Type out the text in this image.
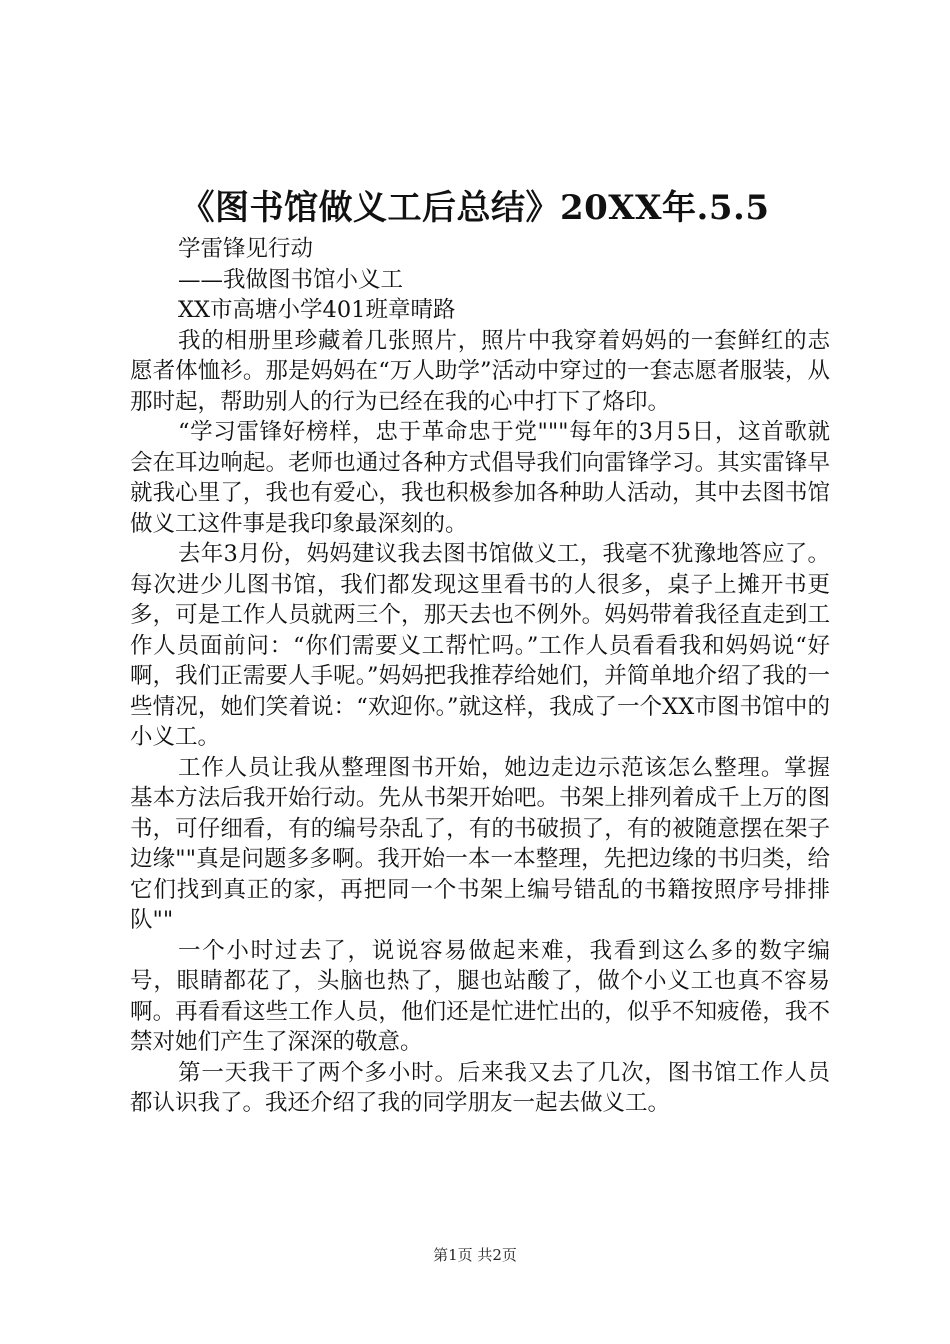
《图书馆做义工后总结》20XX年.5.5

学雷锋见行动

——我做图书馆小义工

XX市高塘小学401班章晴路

我的相册里珍藏着几张照片，照片中我穿着妈妈的一套鲜红的志愿者体恤衫。那是妈妈在“万人助学”活动中穿过的一套志愿者服装，从那时起，帮助别人的行为已经在我的心中打下了烙印。

“学习雷锋好榜样，忠于革命忠于党"""每年的3月5日，这首歌就会在耳边响起。老师也通过各种方式倡导我们向雷锋学习。其实雷锋早就我心里了，我也有爱心，我也积极参加各种助人活动，其中去图书馆做义工这件事是我印象最深刻的。

去年3月份，妈妈建议我去图书馆做义工，我毫不犹豫地答应了。每次进少儿图书馆，我们都发现这里看书的人很多，桌子上摊开书更多，可是工作人员就两三个，那天去也不例外。妈妈带着我径直走到工作人员面前问：“你们需要义工帮忙吗。”工作人员看看我和妈妈说“好啊，我们正需要人手呢。”妈妈把我推荐给她们，并简单地介绍了我的一些情况，她们笑着说：“欢迎你。”就这样，我成了一个XX市图书馆中的小义工。

工作人员让我从整理图书开始，她边走边示范该怎么整理。掌握基本方法后我开始行动。先从书架开始吧。书架上排列着成千上万的图书，可仔细看，有的编号杂乱了，有的书破损了，有的被随意摆在架子边缘""真是问题多多啊。我开始一本一本整理，先把边缘的书归类，给它们找到真正的家，再把同一个书架上编号错乱的书籍按照序号排排队""

一个小时过去了，说说容易做起来难，我看到这么多的数字编号，眼睛都花了，头脑也热了，腿也站酸了，做个小义工也真不容易啊。再看看这些工作人员，他们还是忙进忙出的，似乎不知疲倦，我不禁对她们产生了深深的敬意。

第一天我干了两个多小时。后来我又去了几次，图书馆工作人员都认识我了。我还介绍了我的同学朋友一起去做义工。

第1页 共2页
